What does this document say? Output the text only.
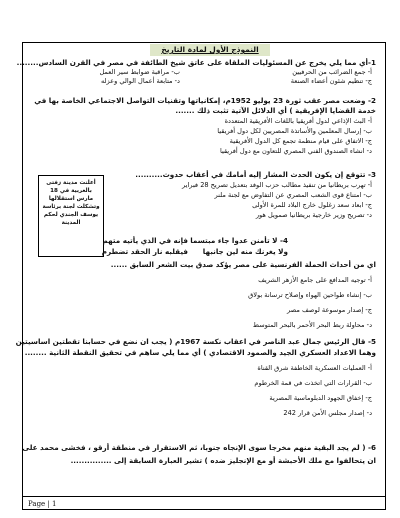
النموذج الأول لمادة التاريخ
1-أي مما يلي يخرج عن المسئوليات الملقاة على عاتق شيخ الطائفة في مصر في القرن السادس........
أ- جمع الضرائب من الحرفيين
ب- مراقبة ضوابط سير العمل
ج- تنظيم شئون أعضاء الصنعة
د- متابعة أعمال الوالي وعزله
2- وضعت مصر عقب ثورة 23 يوليو 1952م، إمكانياتها وتقنيات التواصل الاجتماعي الخاصة بها في
خدمة القضايا الإفريقية ) أي الدلائل الآتية تثبت ذلك .......
أ- البث الإذاعي لدول أفريقيا باللغات الأفريقية المتعددة
ب- إرسال المعلمين والأساتذة المصريين لكل دول أفريقيا
ج- الاتفاق على قيام منظمة تجمع كل الدول الأفريقية
د- انشاء الصندوق الفني المصري للتعاون مع دول أفريقيا
3- تتوقع إن يكون الحدث المشار إليه أمامك في أعقاب حدوث..........
أ- تهرب بريطانيا من تنفيذ مطالب حزب الوفد بتعديل تصريح 28 فبراير
ب- امتناع قوى الشعب المصري عن التفاوض مع لجنة ملنر
ج- ابعاد سعد زغلول خارج البلاد للمرة الأولى
د- تصريح وزير خارجية بريطانيا صمويل هور
أعلنت مدينة زفتى بالغربية في 18 مارس استقلالها وتشكلت لجنة برئاسة يوسف الجندي لحكم المدينة
4- لا تأمنن عدوا جاء مبتسما
فإنه في الذي يأتيه متهم
ولا يغرنك منه لين جانبها
فيقلبه نار الحقد تضطرم
اي من أحداث الحملة الفرنسية على مصر يؤكد صدق بيت الشعر السابق ......
أ- توجيه المدافع على جامع الأزهر الشريف
ب- إنشاء طواحين الهواء وإصلاح ترسانة بولاق
ج- إصدار موسوعة لوصف مصر
د- محاولة ربط البحر الأحمر بالبحر المتوسط
5- قال الرئيس جمال عبد الناصر في اعقاب نكسة 1967م ( يجب ان نضع في حسابنا تقطتين اساسيتين
وهما الاعداد العسكري الجيد والصمود الاقتصادي ) أي مما يلي ساهم في تحقيق النقطة الثانية ........
أ- العمليات العسكرية الخاطفة شرق القناة
ب- القرارات التي اتخذت في قمة الخرطوم
ج- إخفاق الجهود الدبلوماسية المصرية
د- إصدار مجلس الأمن قرار 242
6- ( لم يجد البقية منهم مخرجا سوى الإنجاه جنوبا، ثم الاستقرار في منطقة أرقو ، فخشى محمد على
ان يتحالفوا مع ملك الأحبشة أو مع الإنجليز ضده ) تشير العبارة السابقة إلى ...............
Page | 1
